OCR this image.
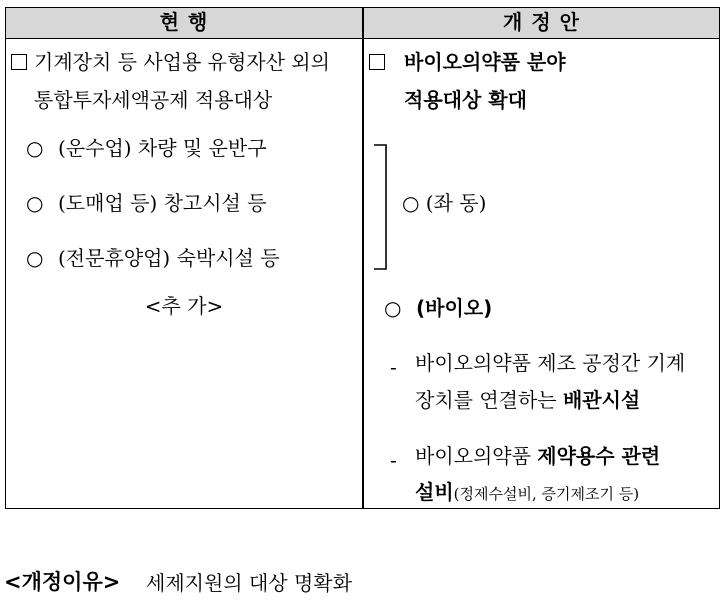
현 행	개 정 안
기계장치 등 사업용 유형자산 외의
통합투자세액공제 적용대상
○ (운수업) 차량 및 운반구
○ (도매업 등) 창고시설 등
○ (전문휴양업) 숙박시설 등
<추 가>
바이오의약품 분야
적용대상 확대
○ (좌 동)
○ (바이오)
- 바이오의약품 제조 공정간 기계
장치를 연결하는 배관시설
- 바이오의약품 제약용수 관련
설비(정제수설비, 증기제조기 등)
<개정이유> 세제지원의 대상 명확화
